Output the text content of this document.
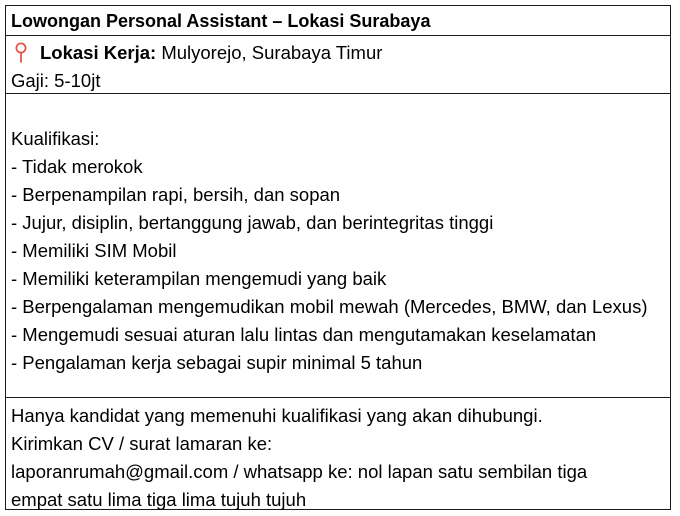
Lowongan Personal Assistant – Lokasi Surabaya
Lokasi Kerja: Mulyorejo, Surabaya Timur
Gaji: 5-10jt
Kualifikasi:
- Tidak merokok
- Berpenampilan rapi, bersih, dan sopan
- Jujur, disiplin, bertanggung jawab, dan berintegritas tinggi
- Memiliki SIM Mobil
- Memiliki keterampilan mengemudi yang baik
- Berpengalaman mengemudikan mobil mewah (Mercedes, BMW, dan Lexus)
- Mengemudi sesuai aturan lalu lintas dan mengutamakan keselamatan
- Pengalaman kerja sebagai supir minimal 5 tahun
Hanya kandidat yang memenuhi kualifikasi yang akan dihubungi.
Kirimkan CV / surat lamaran ke:
laporanrumah@gmail.com / whatsapp ke: nol lapan satu sembilan tiga
empat satu lima tiga lima tujuh tujuh
